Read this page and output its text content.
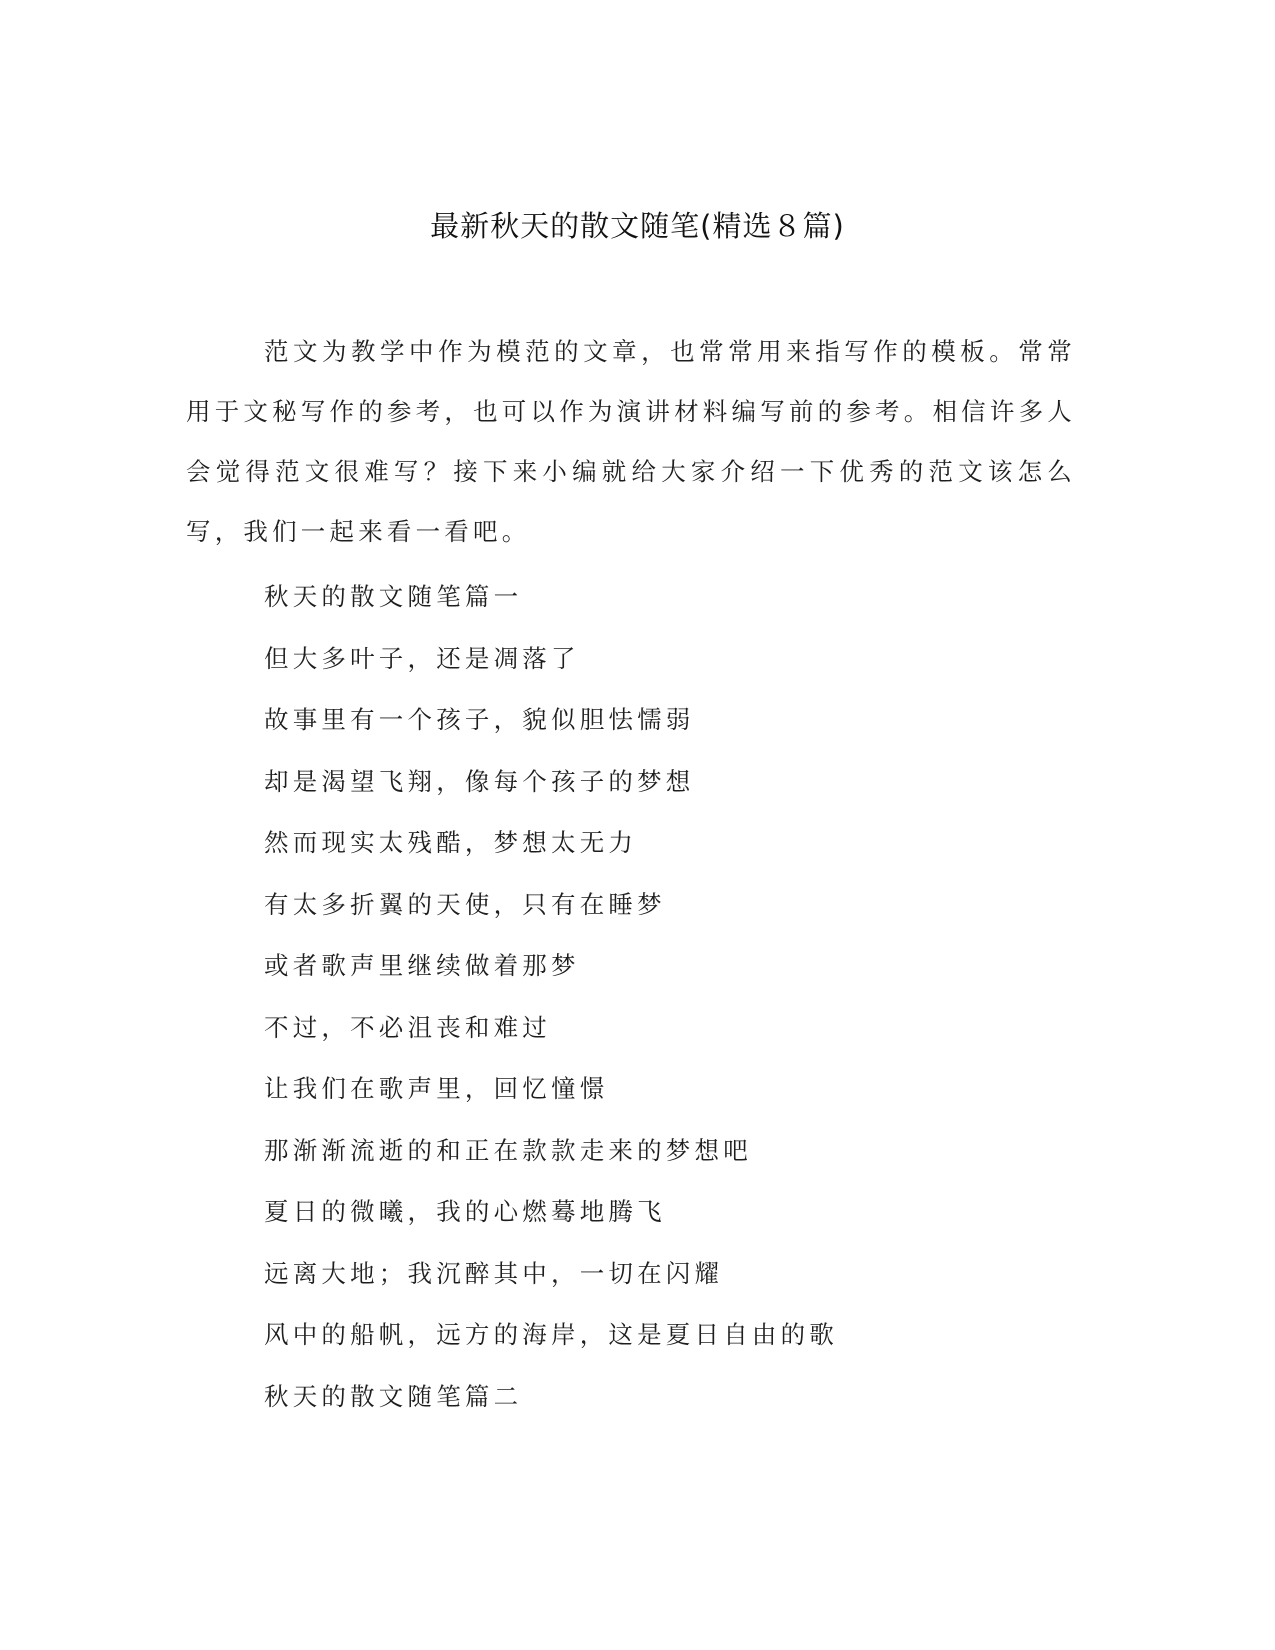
最新秋天的散文随笔(精选８篇)

范文为教学中作为模范的文章，也常常用来指写作的模板。常常用于文秘写作的参考，也可以作为演讲材料编写前的参考。相信许多人会觉得范文很难写？接下来小编就给大家介绍一下优秀的范文该怎么写，我们一起来看一看吧。

秋天的散文随笔篇一
但大多叶子，还是凋落了
故事里有一个孩子，貌似胆怯懦弱
却是渴望飞翔，像每个孩子的梦想
然而现实太残酷，梦想太无力
有太多折翼的天使，只有在睡梦
或者歌声里继续做着那梦
不过，不必沮丧和难过
让我们在歌声里，回忆憧憬
那渐渐流逝的和正在款款走来的梦想吧
夏日的微曦，我的心燃蓦地腾飞
远离大地；我沉醉其中，一切在闪耀
风中的船帆，远方的海岸，这是夏日自由的歌
秋天的散文随笔篇二
